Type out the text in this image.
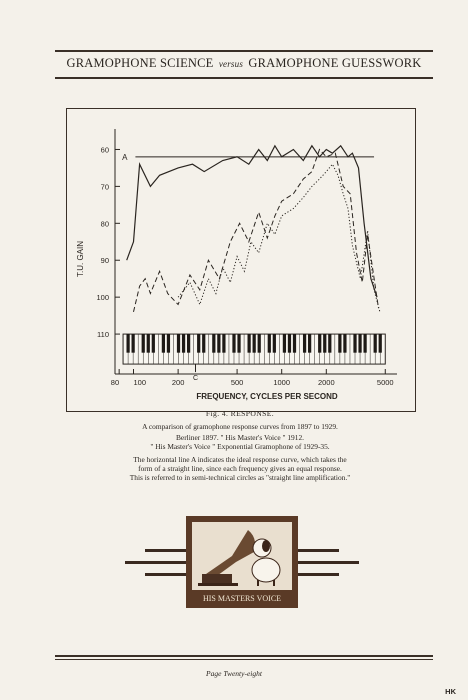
GRAMOPHONE SCIENCE versus GRAMOPHONE GUESSWORK
60
70
80
90
100
110
80 100	200	500	1000	2000	5000
T.U. GAIN
FREQUENCY, CYCLES PER SECOND
A
C
Fig. 4. RESPONSE.
A comparison of gramophone response curves from 1897 to 1929.
Berliner 1897. " His Master's Voice " 1912.
" His Master's Voice " Exponential Gramophone of 1929-35.
The horizontal line A indicates the ideal response curve, which takes the
form of a straight line, since each frequency gives an equal response.
This is referred to in semi-technical circles as "straight line amplification."
HIS MASTERS VOICE
Page Twenty-eight
HK
